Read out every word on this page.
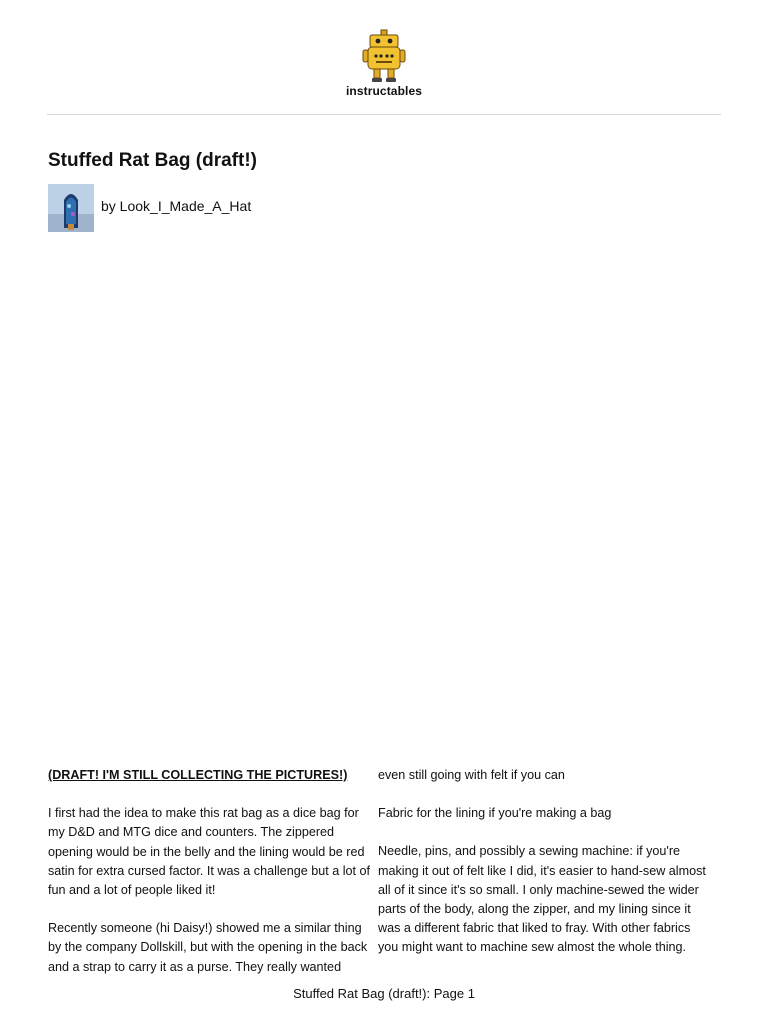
instructables
Stuffed Rat Bag (draft!)
by Look_I_Made_A_Hat

(DRAFT! I'M STILL COLLECTING THE PICTURES!)

I first had the idea to make this rat bag as a dice bag for my D&D and MTG dice and counters. The zippered opening would be in the belly and the lining would be red satin for extra cursed factor. It was a challenge but a lot of fun and a lot of people liked it!

Recently someone (hi Daisy!) showed me a similar thing by the company Dollskill, but with the opening in the back and a strap to carry it as a purse. They really wanted

even still going with felt if you can

Fabric for the lining if you're making a bag

Needle, pins, and possibly a sewing machine: if you're making it out of felt like I did, it's easier to hand-sew almost all of it since it's so small. I only machine-sewed the wider parts of the body, along the zipper, and my lining since it was a different fabric that liked to fray. With other fabrics you might want to machine sew almost the whole thing.

Stuffed Rat Bag (draft!): Page 1
